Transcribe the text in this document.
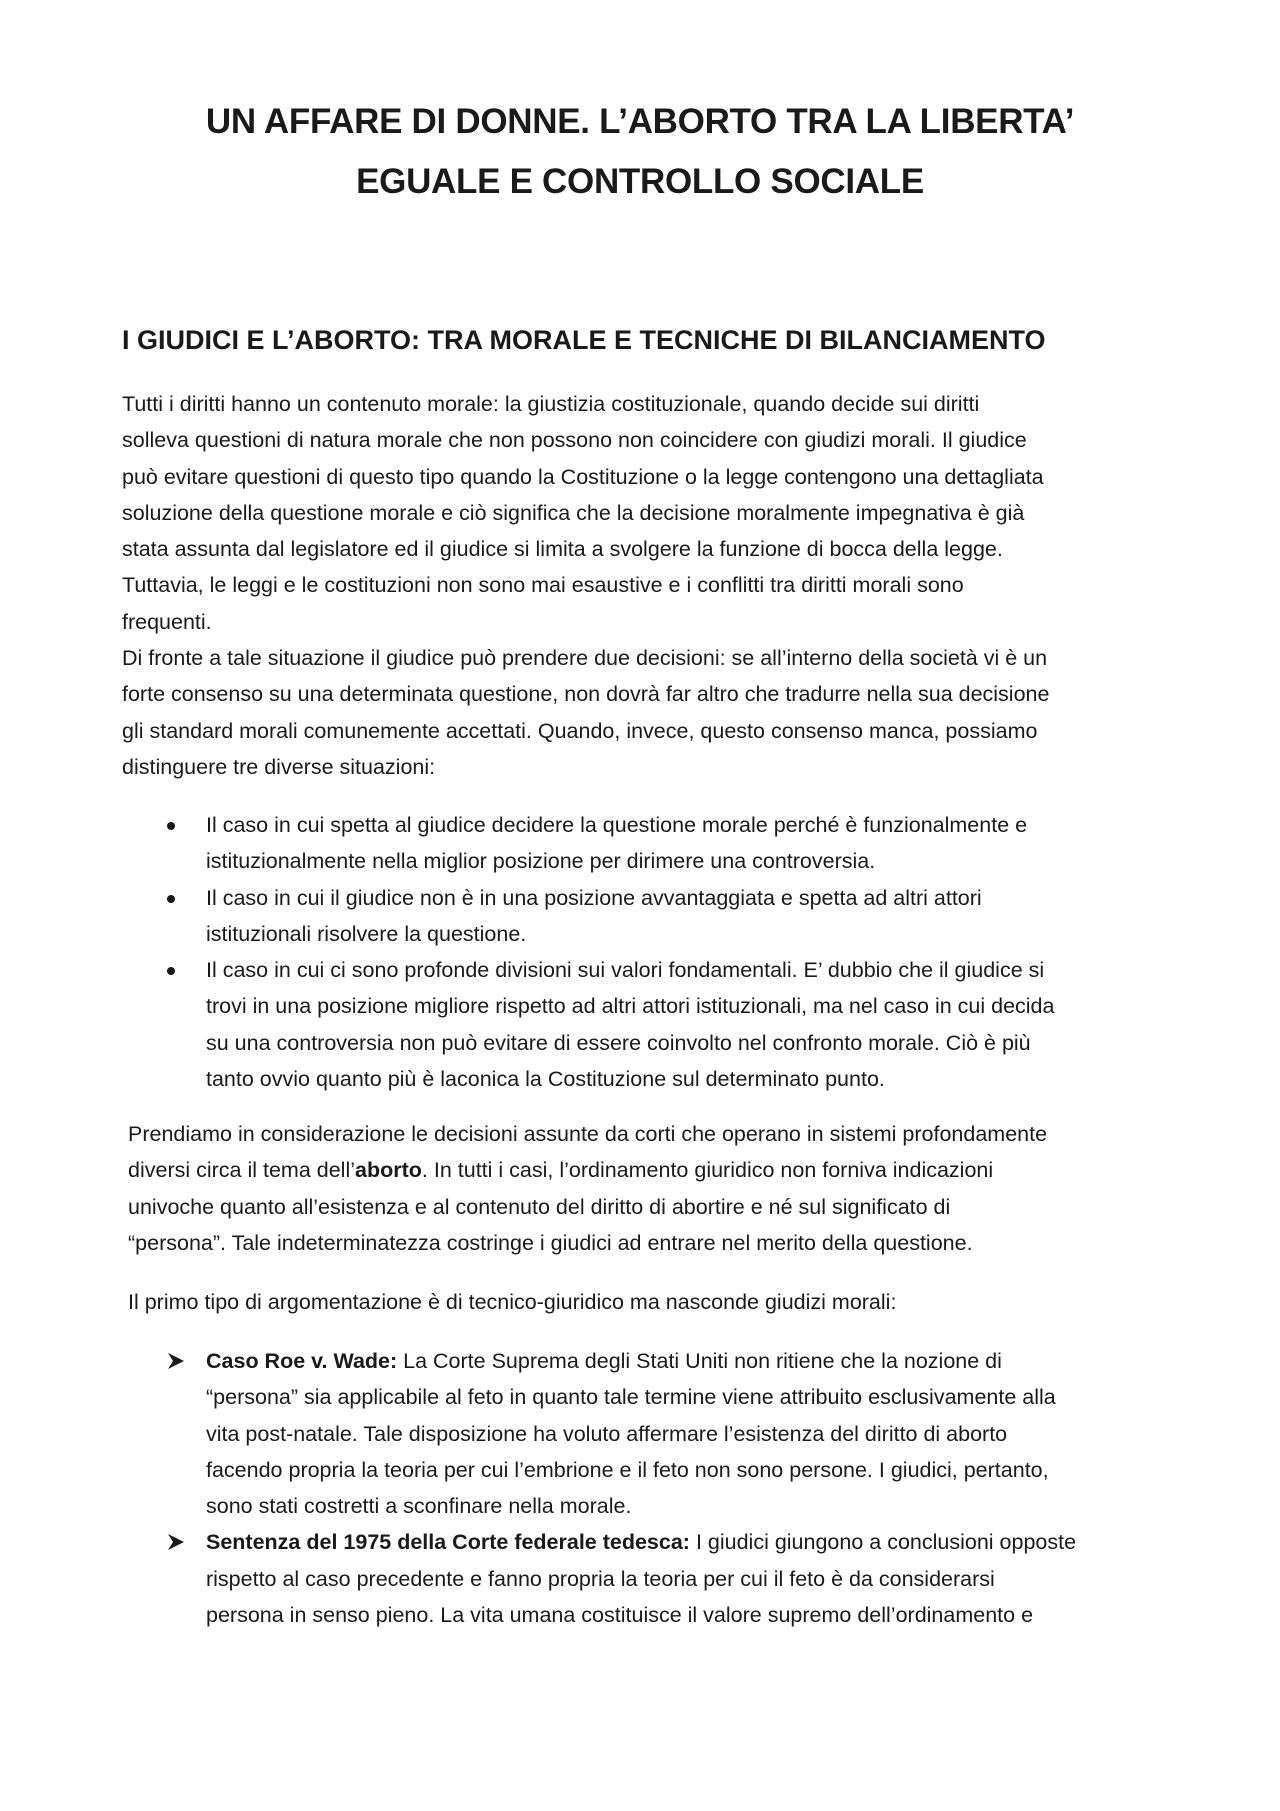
UN AFFARE DI DONNE. L’ABORTO TRA LA LIBERTA’
EGUALE E CONTROLLO SOCIALE
I GIUDICI E L’ABORTO: TRA MORALE E TECNICHE DI BILANCIAMENTO

Tutti i diritti hanno un contenuto morale: la giustizia costituzionale, quando decide sui diritti
solleva questioni di natura morale che non possono non coincidere con giudizi morali. Il giudice
può evitare questioni di questo tipo quando la Costituzione o la legge contengono una dettagliata
soluzione della questione morale e ciò significa che la decisione moralmente impegnativa è già
stata assunta dal legislatore ed il giudice si limita a svolgere la funzione di bocca della legge.
Tuttavia, le leggi e le costituzioni non sono mai esaustive e i conflitti tra diritti morali sono
frequenti.

Di fronte a tale situazione il giudice può prendere due decisioni: se all’interno della società vi è un
forte consenso su una determinata questione, non dovrà far altro che tradurre nella sua decisione
gli standard morali comunemente accettati. Quando, invece, questo consenso manca, possiamo
distinguere tre diverse situazioni:

Il caso in cui spetta al giudice decidere la questione morale perché è funzionalmente e
istituzionalmente nella miglior posizione per dirimere una controversia.
Il caso in cui il giudice non è in una posizione avvantaggiata e spetta ad altri attori
istituzionali risolvere la questione.
Il caso in cui ci sono profonde divisioni sui valori fondamentali. E’ dubbio che il giudice si
trovi in una posizione migliore rispetto ad altri attori istituzionali, ma nel caso in cui decida
su una controversia non può evitare di essere coinvolto nel confronto morale. Ciò è più
tanto ovvio quanto più è laconica la Costituzione sul determinato punto.

Prendiamo in considerazione le decisioni assunte da corti che operano in sistemi profondamente
diversi circa il tema dell’aborto. In tutti i casi, l’ordinamento giuridico non forniva indicazioni
univoche quanto all’esistenza e al contenuto del diritto di abortire e né sul significato di
“persona”. Tale indeterminatezza costringe i giudici ad entrare nel merito della questione.

Il primo tipo di argomentazione è di tecnico-giuridico ma nasconde giudizi morali:

Caso Roe v. Wade: La Corte Suprema degli Stati Uniti non ritiene che la nozione di
“persona” sia applicabile al feto in quanto tale termine viene attribuito esclusivamente alla
vita post-natale. Tale disposizione ha voluto affermare l’esistenza del diritto di aborto
facendo propria la teoria per cui l’embrione e il feto non sono persone. I giudici, pertanto,
sono stati costretti a sconfinare nella morale.
Sentenza del 1975 della Corte federale tedesca: I giudici giungono a conclusioni opposte
rispetto al caso precedente e fanno propria la teoria per cui il feto è da considerarsi
persona in senso pieno. La vita umana costituisce il valore supremo dell’ordinamento e
